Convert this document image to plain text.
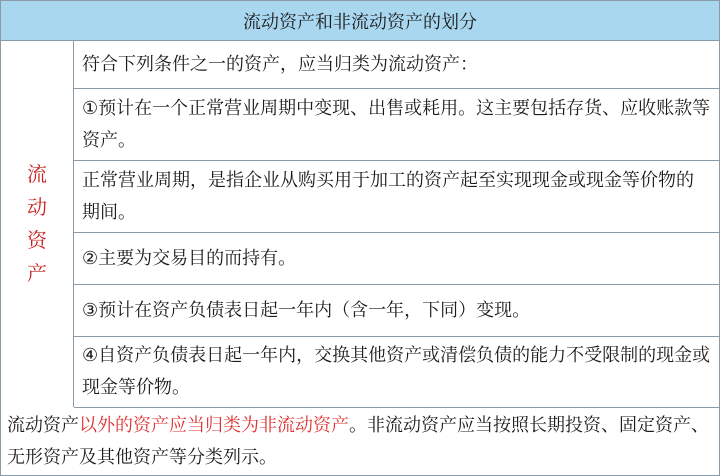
流动资产和非流动资产的划分
流动资产
符合下列条件之一的资产，应当归类为流动资产：
①预计在一个正常营业周期中变现、出售或耗用。这主要包括存货、应收账款等资产。
正常营业周期，是指企业从购买用于加工的资产起至实现现金或现金等价物的期间。
②主要为交易目的而持有。
③预计在资产负债表日起一年内（含一年，下同）变现。
④自资产负债表日起一年内，交换其他资产或清偿负债的能力不受限制的现金或现金等价物。
流动资产以外的资产应当归类为非流动资产。非流动资产应当按照长期投资、固定资产、无形资产及其他资产等分类列示。
